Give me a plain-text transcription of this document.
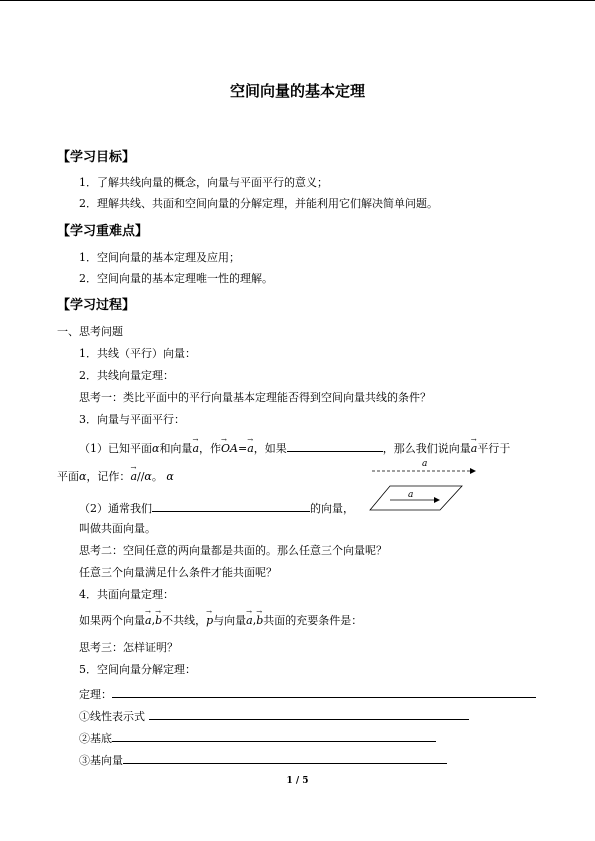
空间向量的基本定理
【学习目标】
1．了解共线向量的概念，向量与平面平行的意义；
2．理解共线、共面和空间向量的分解定理，并能利用它们解决简单问题。
【学习重难点】
1．空间向量的基本定理及应用；
2．空间向量的基本定理唯一性的理解。
【学习过程】
一、思考问题
1．共线（平行）向量：
2．共线向量定理：
思考一：类比平面中的平行向量基本定理能否得到空间向量共线的条件？
3．向量与平面平行：
（1）已知平面α和向量→ a，作→ OA=→ a，如果	，那么我们说向量→ a平行于
平面α，记作：→ a//α。 α
a
（2）通常我们	的向量，
叫做共面向量。
a
思考二：空间任意的两向量都是共面的。那么任意三个向量呢？
任意三个向量满足什么条件才能共面呢？
4．共面向量定理：
如果两个向量→ a,→ b不共线，→ p与向量→ a,→ b共面的充要条件是：
思考三：怎样证明？
5．空间向量分解定理：
定理：
①线性表示式
②基底
③基向量
1 / 5
